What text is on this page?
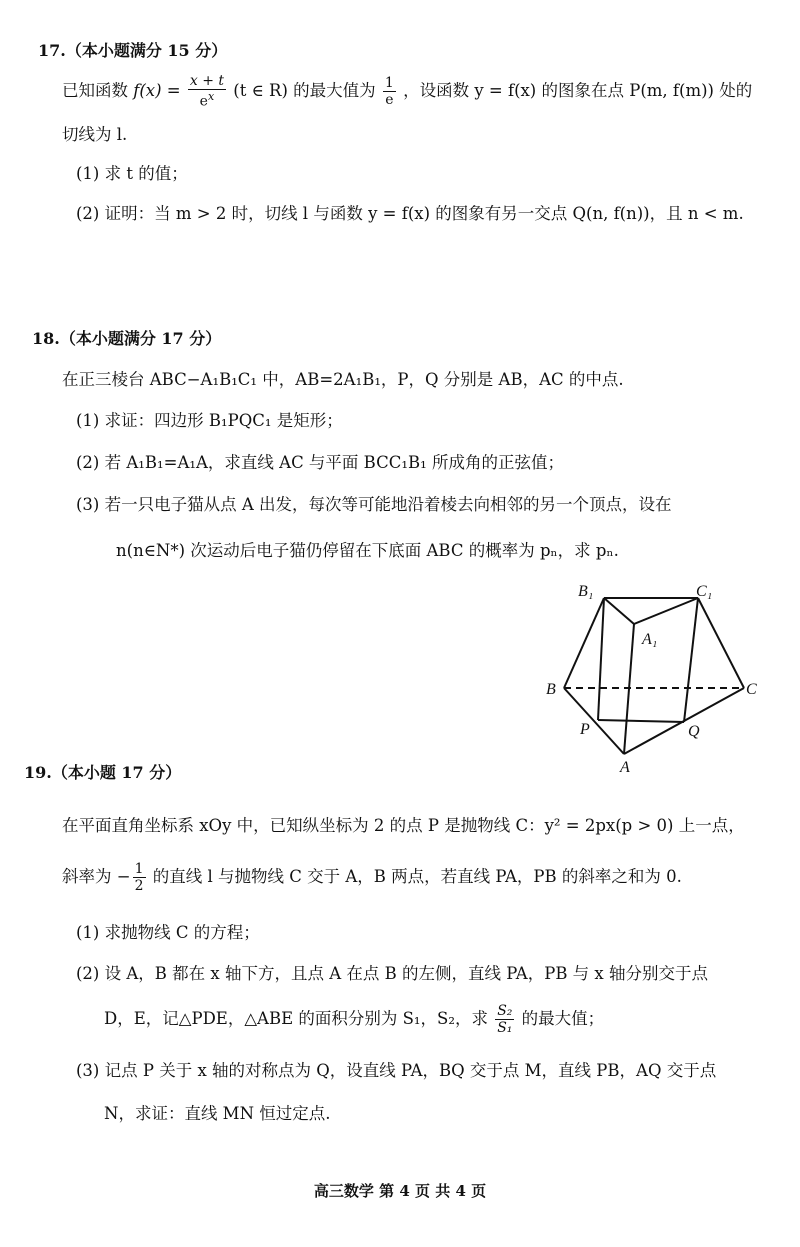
17.（本小题满分 15 分）
已知函数 $f(x) = \frac{x + t}{e^x} (t$ ∈ R) 的最大值为 $\frac{1}{e}$ ，设函数 y = f(x) 的图象在点 P(m, f(m)) 处的
切线为 l.
(1) 求 t 的值；
(2) 证明：当 m > 2 时，切线 l 与函数 y = f(x) 的图象有另一交点 Q(n, f(n))，且 n < m.
18.（本小题满分 17 分）
在正三棱台 ABC−A₁B₁C₁ 中，AB=2A₁B₁，P，Q 分别是 AB，AC 的中点.
(1) 求证：四边形 B₁PQC₁ 是矩形；
(2) 若 A₁B₁=A₁A，求直线 AC 与平面 BCC₁B₁ 所成角的正弦值；
(3) 若一只电子猫从点 A 出发，每次等可能地沿着棱去向相邻的另一个顶点，设在
n(n∈N*) 次运动后电子猫仍停留在下底面 ABC 的概率为 pₙ，求 pₙ.
B₁	C₁
A₁
B	C
P	Q
A
19.（本小题 17 分）
在平面直角坐标系 xOy 中，已知纵坐标为 2 的点 P 是抛物线 C：y² = 2px(p > 0) 上一点，
斜率为 − $\frac{1}{2}$ 的直线 l 与抛物线 C 交于 A，B 两点，若直线 PA，PB 的斜率之和为 0.
(1) 求抛物线 C 的方程；
(2) 设 A，B 都在 x 轴下方，且点 A 在点 B 的左侧，直线 PA，PB 与 x 轴分别交于点
D，E，记△PDE，△ABE 的面积分别为 S₁，S₂，求 $\frac{\text{S₂}}{\text{S₁}}$ 的最大值；
(3) 记点 P 关于 x 轴的对称点为 Q，设直线 PA，BQ 交于点 M，直线 PB，AQ 交于点
N，求证：直线 MN 恒过定点.
高三数学 第 4 页 共 4 页
